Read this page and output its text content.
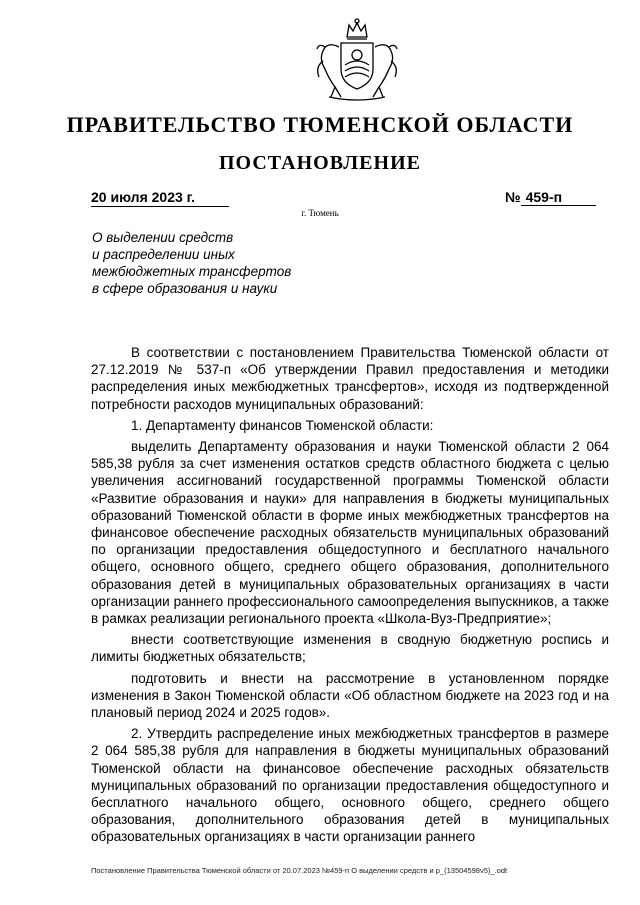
ПРАВИТЕЛЬСТВО ТЮМЕНСКОЙ ОБЛАСТИ
ПОСТАНОВЛЕНИЕ
20 июля 2023 г.	№ 459-п
г. Тюмень
О выделении средств
и распределении иных
межбюджетных трансфертов
в сфере образования и науки

В соответствии с постановлением Правительства Тюменской области от 27.12.2019 № 537-п «Об утверждении Правил предоставления и методики распределения иных межбюджетных трансфертов», исходя из подтвержденной потребности расходов муниципальных образований:

1. Департаменту финансов Тюменской области:

выделить Департаменту образования и науки Тюменской области 2 064 585,38 рубля за счет изменения остатков средств областного бюджета с целью увеличения ассигнований государственной программы Тюменской области «Развитие образования и науки» для направления в бюджеты муниципальных образований Тюменской области в форме иных межбюджетных трансфертов на финансовое обеспечение расходных обязательств муниципальных образований по организации предоставления общедоступного и бесплатного начального общего, основного общего, среднего общего образования, дополнительного образования детей в муниципальных образовательных организациях в части организации раннего профессионального самоопределения выпускников, а также в рамках реализации регионального проекта «Школа-Вуз-Предприятие»;

внести соответствующие изменения в сводную бюджетную роспись и лимиты бюджетных обязательств;

подготовить и внести на рассмотрение в установленном порядке изменения в Закон Тюменской области «Об областном бюджете на 2023 год и на плановый период 2024 и 2025 годов».

2. Утвердить распределение иных межбюджетных трансфертов в размере 2 064 585,38 рубля для направления в бюджеты муниципальных образований Тюменской области на финансовое обеспечение расходных обязательств муниципальных образований по организации предоставления общедоступного и бесплатного начального общего, основного общего, среднего общего образования, дополнительного образования детей в муниципальных образовательных организациях в части организации раннего

Постановление Правительства Тюменской области от 20.07.2023 №459-п О выделении средств и р_(13504598v5)_.odt
